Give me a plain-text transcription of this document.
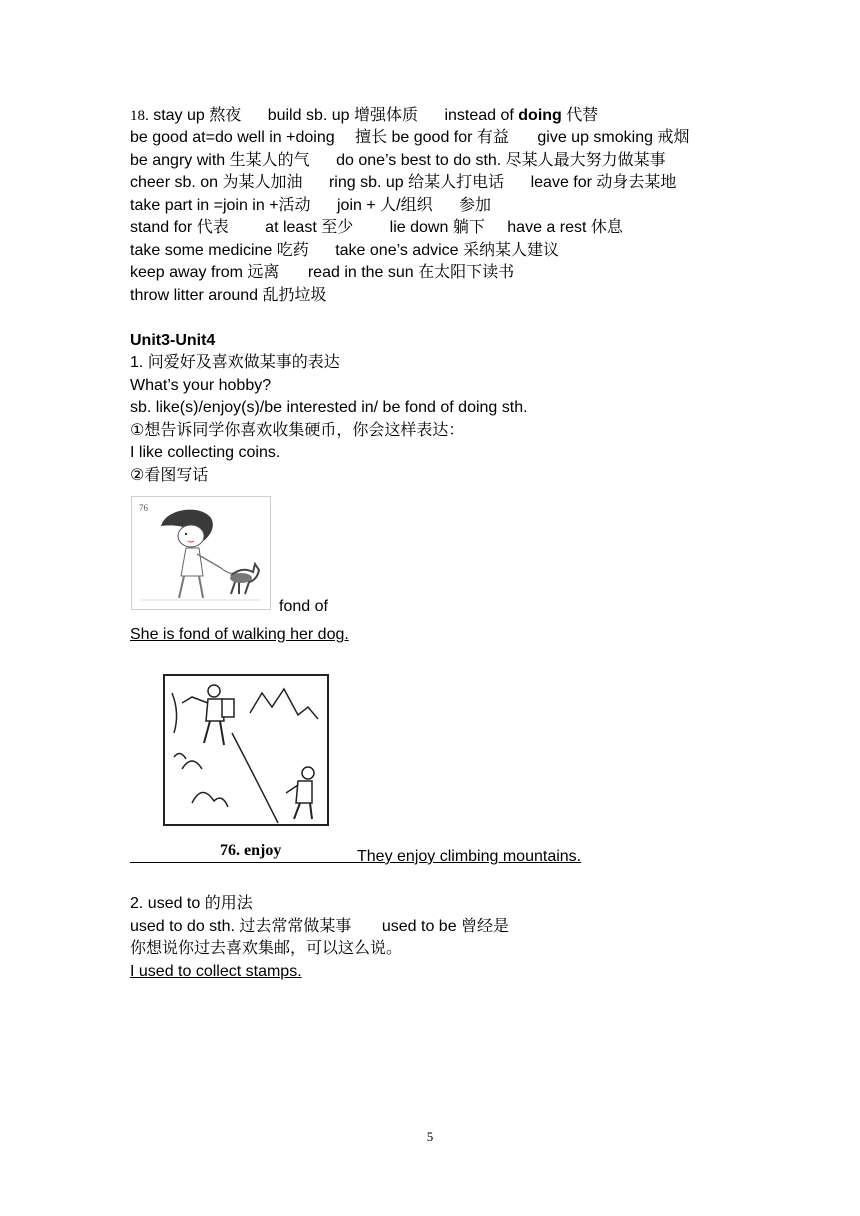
18. stay up 熬夜 build sb. up 增强体质 instead of doing 代替
be good at=do well in +doing 擅长 be good for 有益 give up smoking 戒烟
be angry with 生某人的气 do one’s best to do sth. 尽某人最大努力做某事
cheer sb. on 为某人加油 ring sb. up 给某人打电话 leave for 动身去某地
take part in =join in +活动 join + 人/组织 参加
stand for 代表 at least 至少 lie down 躺下 have a rest 休息
take some medicine 吃药 take one’s advice 采纳某人建议
keep away from 远离 read in the sun 在太阳下读书
throw litter around 乱扔垃圾
Unit3-Unit4
1. 问爱好及喜欢做某事的表达
What’s your hobby?
sb. like(s)/enjoy(s)/be interested in/ be fond of doing sth.
①想告诉同学你喜欢收集硬币，你会这样表达：
I like collecting coins.
②看图写话
76
fond of
She is fond of walking her dog.
76. enjoy	They enjoy climbing mountains.
2. used to 的用法
used to do sth. 过去常常做某事 used to be 曾经是
你想说你过去喜欢集邮，可以这么说。
I used to collect stamps.
5
